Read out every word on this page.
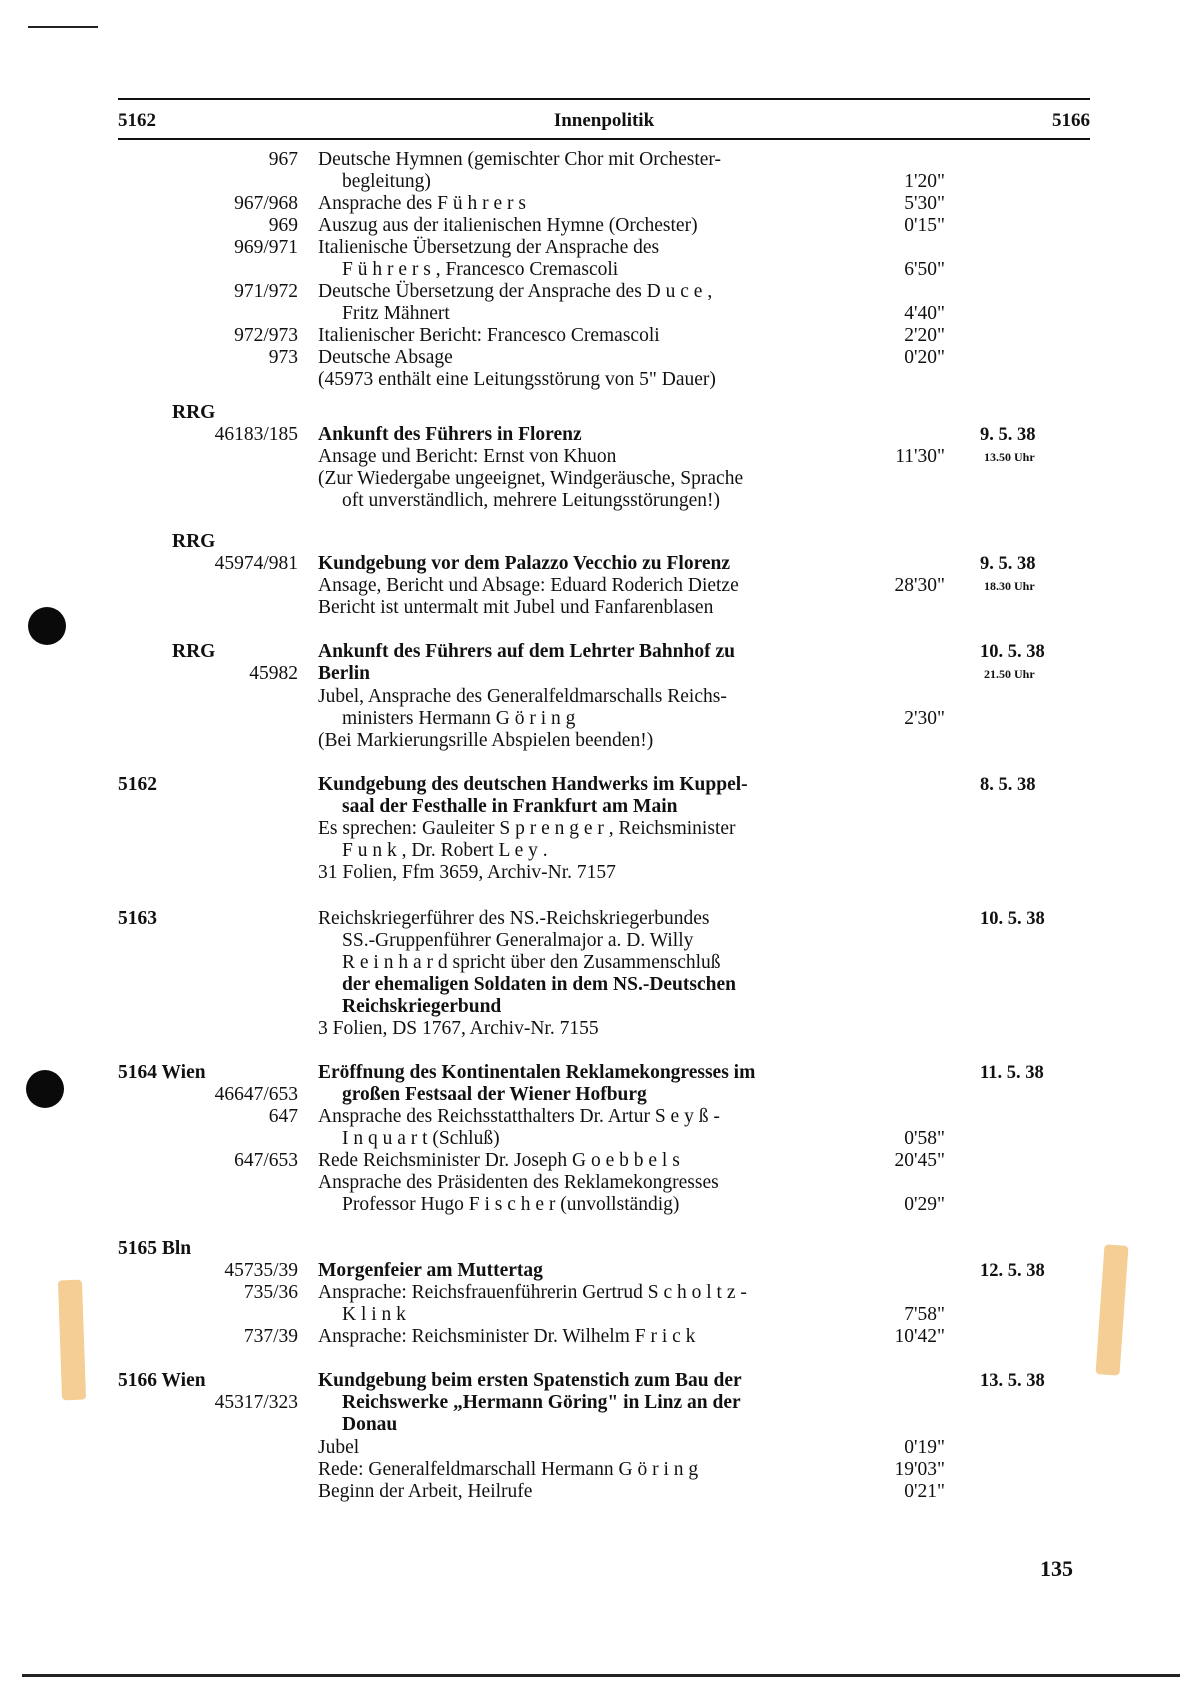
5162	Innenpolitik	5166
967 Deutsche Hymnen (gemischter Chor mit Orchester-
begleitung)	1'20"
967/968 Ansprache des F ü h r e r s	5'30"
969 Auszug aus der italienischen Hymne (Orchester)	0'15"
969/971 Italienische Übersetzung der Ansprache des
F ü h r e r s , Francesco Cremascoli	6'50"
971/972 Deutsche Übersetzung der Ansprache des D u c e ,
Fritz Mähnert	4'40"
972/973 Italienischer Bericht: Francesco Cremascoli	2'20"
973 Deutsche Absage	0'20"
(45973 enthält eine Leitungsstörung von 5" Dauer)
RRG
46183/185 Ankunft des Führers in Florenz	9. 5. 38
Ansage und Bericht: Ernst von Khuon	11'30"	13.50 Uhr
(Zur Wiedergabe ungeeignet, Windgeräusche, Sprache
oft unverständlich, mehrere Leitungsstörungen!)
RRG
45974/981 Kundgebung vor dem Palazzo Vecchio zu Florenz	9. 5. 38
Ansage, Bericht und Absage: Eduard Roderich Dietze	28'30"	18.30 Uhr
Bericht ist untermalt mit Jubel und Fanfarenblasen
RRG	Ankunft des Führers auf dem Lehrter Bahnhof zu	10. 5. 38
45982 Berlin	21.50 Uhr
Jubel, Ansprache des Generalfeldmarschalls Reichs-
ministers Hermann G ö r i n g	2'30"
(Bei Markierungsrille Abspielen beenden!)
5162	Kundgebung des deutschen Handwerks im Kuppel-	8. 5. 38
saal der Festhalle in Frankfurt am Main
Es sprechen: Gauleiter S p r e n g e r , Reichsminister
F u n k , Dr. Robert L e y .
31 Folien, Ffm 3659, Archiv-Nr. 7157
5163	Reichskriegerführer des NS.-Reichskriegerbundes	10. 5. 38
SS.-Gruppenführer Generalmajor a. D. Willy
R e i n h a r d spricht über den Zusammenschluß
der ehemaligen Soldaten in dem NS.-Deutschen
Reichskriegerbund
3 Folien, DS 1767, Archiv-Nr. 7155
5164 Wien	Eröffnung des Kontinentalen Reklamekongresses im	11. 5. 38
46647/653 großen Festsaal der Wiener Hofburg
647 Ansprache des Reichsstatthalters Dr. Artur S e y ß -
I n q u a r t (Schluß)	0'58"
647/653 Rede Reichsminister Dr. Joseph G o e b b e l s	20'45"
Ansprache des Präsidenten des Reklamekongresses
Professor Hugo F i s c h e r (unvollständig)	0'29"
5165 Bln
45735/39 Morgenfeier am Muttertag	12. 5. 38
735/36 Ansprache: Reichsfrauenführerin Gertrud S c h o l t z -
K l i n k	7'58"
737/39 Ansprache: Reichsminister Dr. Wilhelm F r i c k	10'42"
5166 Wien	Kundgebung beim ersten Spatenstich zum Bau der	13. 5. 38
45317/323 Reichswerke „Hermann Göring" in Linz an der
Donau
Jubel	0'19"
Rede: Generalfeldmarschall Hermann G ö r i n g	19'03"
Beginn der Arbeit, Heilrufe	0'21"
135
